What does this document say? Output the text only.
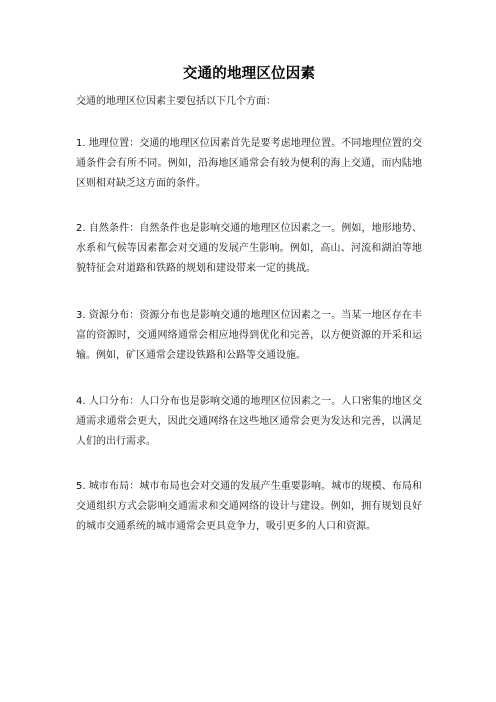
交通的地理区位因素

交通的地理区位因素主要包括以下几个方面：

1. 地理位置：交通的地理区位因素首先是要考虑地理位置。不同地理位置的交通条件会有所不同。例如，沿海地区通常会有较为便利的海上交通，而内陆地区则相对缺乏这方面的条件。

2. 自然条件：自然条件也是影响交通的地理区位因素之一。例如，地形地势、水系和气候等因素都会对交通的发展产生影响。例如，高山、河流和湖泊等地貌特征会对道路和铁路的规划和建设带来一定的挑战。

3. 资源分布：资源分布也是影响交通的地理区位因素之一。当某一地区存在丰富的资源时，交通网络通常会相应地得到优化和完善，以方便资源的开采和运输。例如，矿区通常会建设铁路和公路等交通设施。

4. 人口分布：人口分布也是影响交通的地理区位因素之一。人口密集的地区交通需求通常会更大，因此交通网络在这些地区通常会更为发达和完善，以满足人们的出行需求。

5. 城市布局：城市布局也会对交通的发展产生重要影响。城市的规模、布局和交通组织方式会影响交通需求和交通网络的设计与建设。例如，拥有规划良好的城市交通系统的城市通常会更具竞争力，吸引更多的人口和资源。
